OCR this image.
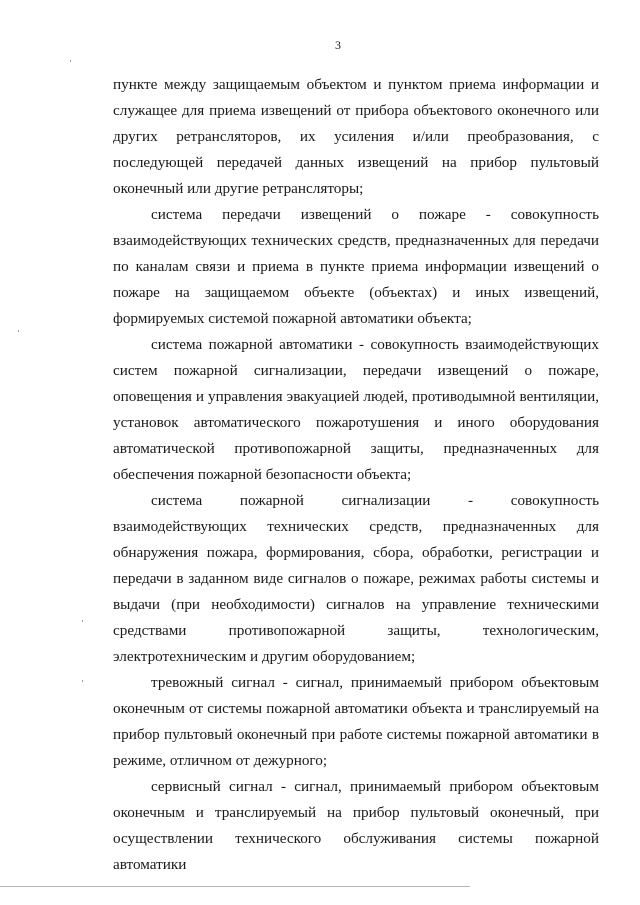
3

пункте между защищаемым объектом и пунктом приема информации и служащее для приема извещений от прибора объектового оконечного или других ретрансляторов, их усиления и/или преобразования, с последующей передачей данных извещений на прибор пультовый оконечный или другие ретрансляторы;

система передачи извещений о пожаре - совокупность взаимодействующих технических средств, предназначенных для передачи по каналам связи и приема в пункте приема информации извещений о пожаре на защищаемом объекте (объектах) и иных извещений, формируемых системой пожарной автоматики объекта;

система пожарной автоматики - совокупность взаимодействующих систем пожарной сигнализации, передачи извещений о пожаре, оповещения и управления эвакуацией людей, противодымной вентиляции, установок автоматического пожаротушения и иного оборудования автоматической противопожарной защиты, предназначенных для обеспечения пожарной безопасности объекта;

система пожарной сигнализации - совокупность взаимодействующих технических средств, предназначенных для обнаружения пожара, формирования, сбора, обработки, регистрации и передачи в заданном виде сигналов о пожаре, режимах работы системы и выдачи (при необходимости) сигналов на управление техническими средствами противопожарной защиты, технологическим, электротехническим и другим оборудованием;

тревожный сигнал - сигнал, принимаемый прибором объектовым оконечным от системы пожарной автоматики объекта и транслируемый на прибор пультовый оконечный при работе системы пожарной автоматики в режиме, отличном от дежурного;

сервисный сигнал - сигнал, принимаемый прибором объектовым оконечным и транслируемый на прибор пультовый оконечный, при осуществлении технического обслуживания системы пожарной автоматики
